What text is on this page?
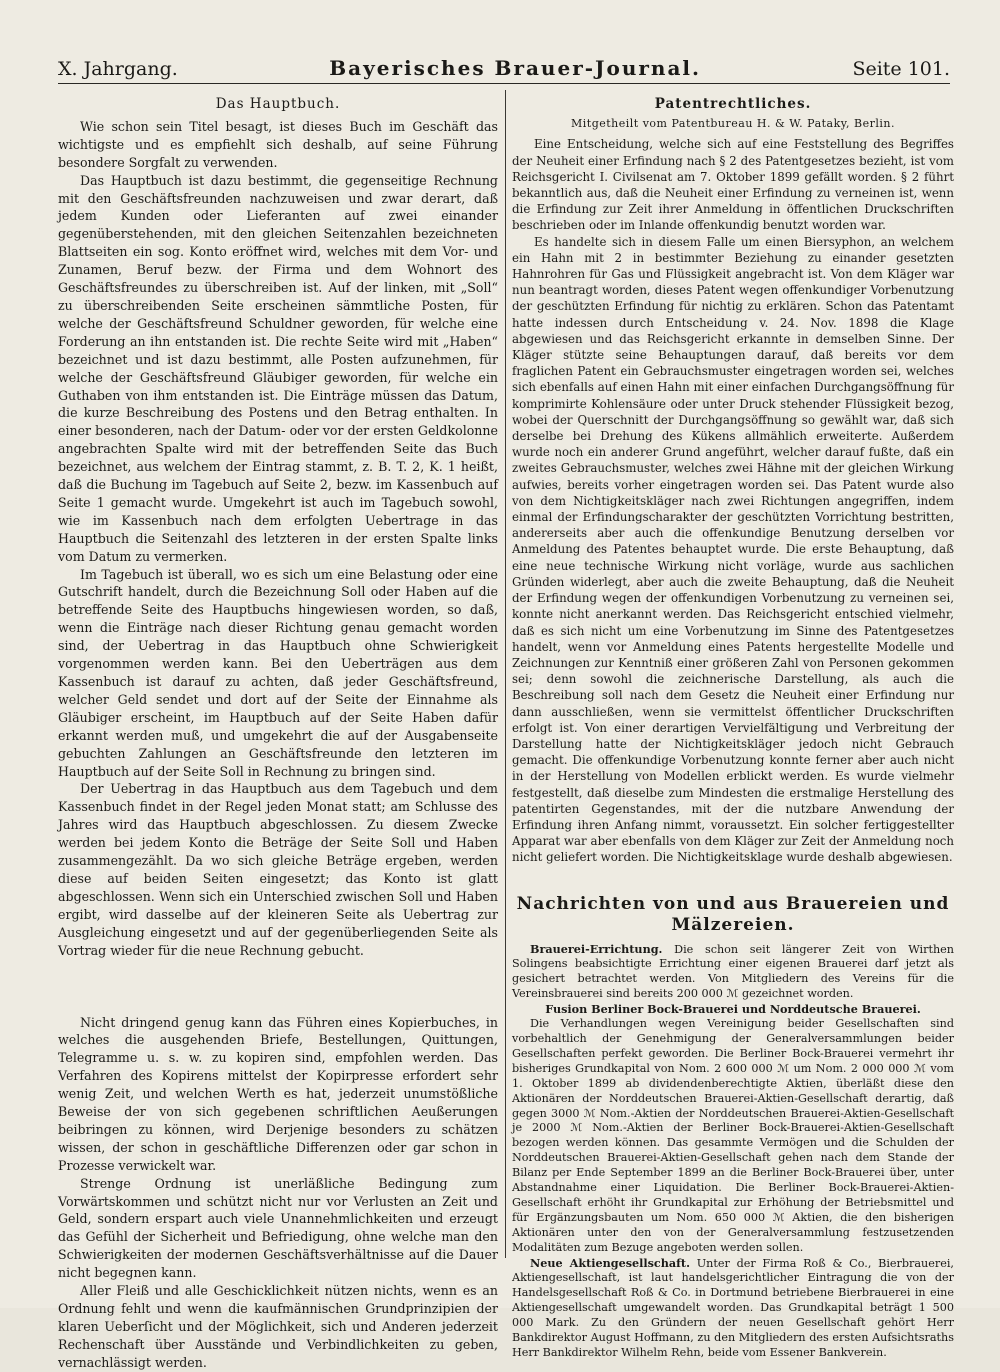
X. Jahrgang.	Bayerisches Brauer-Journal.	Seite 101.
Das Hauptbuch.

Wie schon sein Titel besagt, ist dieses Buch im Geschäft das wichtigste und es empfiehlt sich deshalb, auf seine Führung besondere Sorgfalt zu verwenden.

Das Hauptbuch ist dazu bestimmt, die gegenseitige Rechnung mit den Geschäftsfreunden nachzuweisen und zwar derart, daß jedem Kunden oder Lieferanten auf zwei einander gegenüberstehenden, mit den gleichen Seitenzahlen bezeichneten Blattseiten ein sog. Konto eröffnet wird, welches mit dem Vor- und Zunamen, Beruf bezw. der Firma und dem Wohnort des Geschäftsfreundes zu überschreiben ist. Auf der linken, mit „Soll“ zu überschreibenden Seite erscheinen sämmtliche Posten, für welche der Geschäftsfreund Schuldner geworden, für welche eine Forderung an ihn entstanden ist. Die rechte Seite wird mit „Haben“ bezeichnet und ist dazu bestimmt, alle Posten aufzunehmen, für welche der Geschäftsfreund Gläubiger geworden, für welche ein Guthaben von ihm entstanden ist. Die Einträge müssen das Datum, die kurze Beschreibung des Postens und den Betrag enthalten. In einer besonderen, nach der Datum- oder vor der ersten Geldkolonne angebrachten Spalte wird mit der betreffenden Seite das Buch bezeichnet, aus welchem der Eintrag stammt, z. B. T. 2, K. 1 heißt, daß die Buchung im Tagebuch auf Seite 2, bezw. im Kassenbuch auf Seite 1 gemacht wurde. Umgekehrt ist auch im Tagebuch sowohl, wie im Kassenbuch nach dem erfolgten Uebertrage in das Hauptbuch die Seitenzahl des letzteren in der ersten Spalte links vom Datum zu vermerken.

Im Tagebuch ist überall, wo es sich um eine Belastung oder eine Gutschrift handelt, durch die Bezeichnung Soll oder Haben auf die betreffende Seite des Hauptbuchs hingewiesen worden, so daß, wenn die Einträge nach dieser Richtung genau gemacht worden sind, der Uebertrag in das Hauptbuch ohne Schwierigkeit vorgenommen werden kann. Bei den Ueberträgen aus dem Kassenbuch ist darauf zu achten, daß jeder Geschäftsfreund, welcher Geld sendet und dort auf der Seite der Einnahme als Gläubiger erscheint, im Hauptbuch auf der Seite Haben dafür erkannt werden muß, und umgekehrt die auf der Ausgabenseite gebuchten Zahlungen an Geschäftsfreunde den letzteren im Hauptbuch auf der Seite Soll in Rechnung zu bringen sind.

Der Uebertrag in das Hauptbuch aus dem Tagebuch und dem Kassenbuch findet in der Regel jeden Monat statt; am Schlusse des Jahres wird das Hauptbuch abgeschlossen. Zu diesem Zwecke werden bei jedem Konto die Beträge der Seite Soll und Haben zusammengezählt. Da wo sich gleiche Beträge ergeben, werden diese auf beiden Seiten eingesetzt; das Konto ist glatt abgeschlossen. Wenn sich ein Unterschied zwischen Soll und Haben ergibt, wird dasselbe auf der kleineren Seite als Uebertrag zur Ausgleichung eingesetzt und auf der gegenüberliegenden Seite als Vortrag wieder für die neue Rechnung gebucht.

Nicht dringend genug kann das Führen eines Kopierbuches, in welches die ausgehenden Briefe, Bestellungen, Quittungen, Telegramme u. s. w. zu kopiren sind, empfohlen werden. Das Verfahren des Kopirens mittelst der Kopirpresse erfordert sehr wenig Zeit, und welchen Werth es hat, jederzeit unumstößliche Beweise der von sich gegebenen schriftlichen Aeußerungen beibringen zu können, wird Derjenige besonders zu schätzen wissen, der schon in geschäftliche Differenzen oder gar schon in Prozesse verwickelt war.

Strenge Ordnung ist unerläßliche Bedingung zum Vorwärtskommen und schützt nicht nur vor Verlusten an Zeit und Geld, sondern erspart auch viele Unannehmlichkeiten und erzeugt das Gefühl der Sicherheit und Befriedigung, ohne welche man den Schwierigkeiten der modernen Geschäftsverhältnisse auf die Dauer nicht begegnen kann.

Aller Fleiß und alle Geschicklichkeit nützen nichts, wenn es an Ordnung fehlt und wenn die kaufmännischen Grundprinzipien der klaren Ueberſicht und der Möglichkeit, sich und Anderen jederzeit Rechenschaft über Ausstände und Verbindlichkeiten zu geben, vernachlässigt werden.

Patentrechtliches.
Mitgetheilt vom Patentbureau H. & W. Pataky, Berlin.

Eine Entscheidung, welche sich auf eine Feststellung des Begriffes der Neuheit einer Erfindung nach § 2 des Patentgesetzes bezieht, ist vom Reichsgericht I. Civilsenat am 7. Oktober 1899 gefällt worden. § 2 führt bekanntlich aus, daß die Neuheit einer Erfindung zu verneinen ist, wenn die Erfindung zur Zeit ihrer Anmeldung in öffentlichen Druckschriften beschrieben oder im Inlande offenkundig benutzt worden war.

Es handelte sich in diesem Falle um einen Biersyphon, an welchem ein Hahn mit 2 in bestimmter Beziehung zu einander gesetzten Hahnrohren für Gas und Flüssigkeit angebracht ist. Von dem Kläger war nun beantragt worden, dieses Patent wegen offenkundiger Vorbenutzung der geschützten Erfindung für nichtig zu erklären. Schon das Patentamt hatte indessen durch Entscheidung v. 24. Nov. 1898 die Klage abgewiesen und das Reichsgericht erkannte in demselben Sinne. Der Kläger stützte seine Behauptungen darauf, daß bereits vor dem fraglichen Patent ein Gebrauchsmuster eingetragen worden sei, welches sich ebenfalls auf einen Hahn mit einer einfachen Durchgangsöffnung für komprimirte Kohlensäure oder unter Druck stehender Flüssigkeit bezog, wobei der Querschnitt der Durchgangsöffnung so gewählt war, daß sich derselbe bei Drehung des Kükens allmählich erweiterte. Außerdem wurde noch ein anderer Grund angeführt, welcher darauf fußte, daß ein zweites Gebrauchsmuster, welches zwei Hähne mit der gleichen Wirkung aufwies, bereits vorher eingetragen worden sei. Das Patent wurde also von dem Nichtigkeitskläger nach zwei Richtungen angegriffen, indem einmal der Erfindungscharakter der geschützten Vorrichtung bestritten, andererseits aber auch die offenkundige Benutzung derselben vor Anmeldung des Patentes behauptet wurde. Die erste Behauptung, daß eine neue technische Wirkung nicht vorläge, wurde aus sachlichen Gründen widerlegt, aber auch die zweite Behauptung, daß die Neuheit der Erfindung wegen der offenkundigen Vorbenutzung zu verneinen sei, konnte nicht anerkannt werden. Das Reichsgericht entschied vielmehr, daß es sich nicht um eine Vorbenutzung im Sinne des Patentgesetzes handelt, wenn vor Anmeldung eines Patents hergestellte Modelle und Zeichnungen zur Kenntniß einer größeren Zahl von Personen gekommen sei; denn sowohl die zeichnerische Darstellung, als auch die Beschreibung soll nach dem Gesetz die Neuheit einer Erfindung nur dann ausschließen, wenn sie vermittelst öffentlicher Druckschriften erfolgt ist. Von einer derartigen Vervielfältigung und Verbreitung der Darstellung hatte der Nichtigkeitskläger jedoch nicht Gebrauch gemacht. Die offenkundige Vorbenutzung konnte ferner aber auch nicht in der Herstellung von Modellen erblickt werden. Es wurde vielmehr festgestellt, daß dieselbe zum Mindesten die erstmalige Herstellung des patentirten Gegenstandes, mit der die nutzbare Anwendung der Erfindung ihren Anfang nimmt, voraussetzt. Ein solcher fertiggestellter Apparat war aber ebenfalls von dem Kläger zur Zeit der Anmeldung noch nicht geliefert worden. Die Nichtigkeitsklage wurde deshalb abgewiesen.

Nachrichten von und aus Brauereien und Mälzereien.

Brauerei-Errichtung. Die schon seit längerer Zeit von Wirthen Solingens beabsichtigte Errichtung einer eigenen Brauerei darf jetzt als gesichert betrachtet werden. Von Mitgliedern des Vereins für die Vereinsbrauerei sind bereits 200 000 ℳ gezeichnet worden.

Fusion Berliner Bock-Brauerei und Norddeutsche Brauerei.

Die Verhandlungen wegen Vereinigung beider Gesellschaften sind vorbehaltlich der Genehmigung der Generalversammlungen beider Gesellschaften perfekt geworden. Die Berliner Bock-Brauerei vermehrt ihr bisheriges Grundkapital von Nom. 2 600 000 ℳ um Nom. 2 000 000 ℳ vom 1. Oktober 1899 ab dividendenberechtigte Aktien, überläßt diese den Aktionären der Norddeutschen Brauerei-Aktien-Gesellschaft derartig, daß gegen 3000 ℳ Nom.-Aktien der Norddeutschen Brauerei-Aktien-Gesellschaft je 2000 ℳ Nom.-Aktien der Berliner Bock-Brauerei-Aktien-Gesellschaft bezogen werden können. Das gesammte Vermögen und die Schulden der Norddeutschen Brauerei-Aktien-Gesellschaft gehen nach dem Stande der Bilanz per Ende September 1899 an die Berliner Bock-Brauerei über, unter Abstandnahme einer Liquidation. Die Berliner Bock-Brauerei-Aktien-Gesellschaft erhöht ihr Grundkapital zur Erhöhung der Betriebsmittel und für Ergänzungsbauten um Nom. 650 000 ℳ Aktien, die den bisherigen Aktionären unter den von der Generalversammlung festzusetzenden Modalitäten zum Bezuge angeboten werden sollen.

Neue Aktiengesellschaft. Unter der Firma Roß & Co., Bierbrauerei, Aktiengesellschaft, ist laut handelsgerichtlicher Eintragung die von der Handelsgesellschaft Roß & Co. in Dortmund betriebene Bierbrauerei in eine Aktiengesellschaft umgewandelt worden. Das Grundkapital beträgt 1 500 000 Mark. Zu den Gründern der neuen Gesellschaft gehört Herr Bankdirektor August Hoffmann, zu den Mitgliedern des ersten Aufsichtsraths Herr Bankdirektor Wilhelm Rehn, beide vom Essener Bankverein.
